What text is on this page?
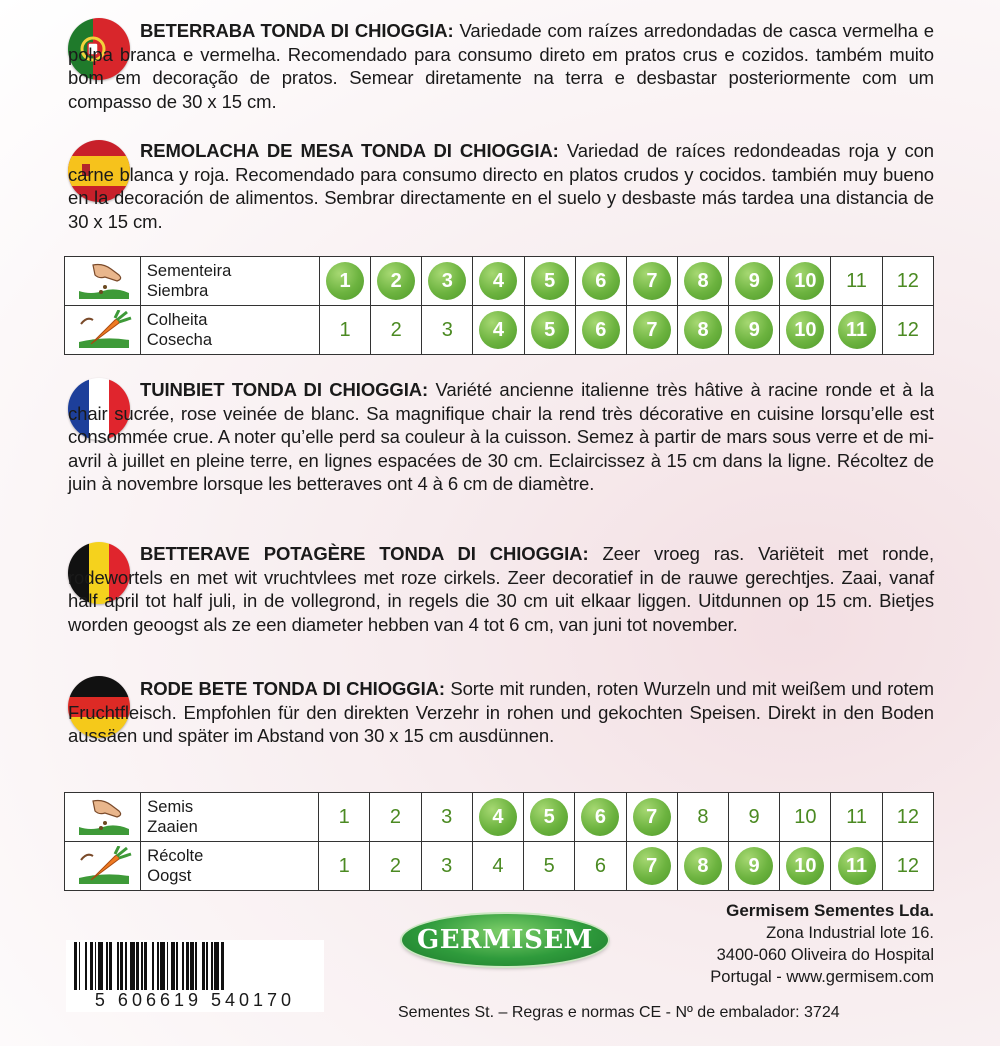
BETERRABA TONDA DI CHIOGGIA: Variedade com raízes arredondadas de casca vermelha e polpa branca e vermelha. Recomendado para consumo direto em pratos crus e cozidos. também muito bom em decoração de pratos. Semear diretamente na terra e desbastar posteriormente com um compasso de 30 x 15 cm.
REMOLACHA DE MESA TONDA DI CHIOGGIA: Variedad de raíces redondeadas roja y con carne blanca y roja. Recomendado para consumo directo en platos crudos y cocidos. también muy bueno en la decoración de alimentos. Sembrar directamente en el suelo y desbaste más tardea una distancia de 30 x 15 cm.

Sementeira
Siembra	1	2	3	4	5	6	7	8	9	10	11	12

Colheita
Cosecha	1	2	3	4	5	6	7	8	9	10	11	12
TUINBIET TONDA DI CHIOGGIA: Variété ancienne italienne très hâtive à racine ronde et à la chair sucrée, rose veinée de blanc. Sa magnifique chair la rend très décorative en cuisine lorsqu’elle est consommée crue. A noter qu’elle perd sa couleur à la cuisson. Semez à partir de mars sous verre et de mi-avril à juillet en pleine terre, en lignes espacées de 30 cm. Eclaircissez à 15 cm dans la ligne. Récoltez de juin à novembre lorsque les betteraves ont 4 à 6 cm de diamètre.
BETTERAVE POTAGÈRE TONDA DI CHIOGGIA: Zeer vroeg ras. Variëteit met ronde, rodewortels en met wit vruchtvlees met roze cirkels. Zeer decoratief in de rauwe gerechtjes. Zaai, vanaf half april tot half juli, in de vollegrond, in regels die 30 cm uit elkaar liggen. Uitdunnen op 15 cm. Bietjes worden geoogst als ze een diameter hebben van 4 tot 6 cm, van juni tot november.
RODE BETE TONDA DI CHIOGGIA: Sorte mit runden, roten Wurzeln und mit weißem und rotem Fruchtfleisch. Empfohlen für den direkten Verzehr in rohen und gekochten Speisen. Direkt in den Boden aussäen und später im Abstand von 30 x 15 cm ausdünnen.

Semis
Zaaien	1	2	3	4	5	6	7	8	9	10	11	12

Récolte
Oogst	1	2	3	4	5	6	7	8	9	10	11	12
5 606619 540170
GERMISEM
Germisem Sementes Lda.
Zona Industrial lote 16.
3400-060 Oliveira do Hospital
Portugal - www.germisem.com
Sementes St. – Regras e normas CE - Nº de embalador: 3724
